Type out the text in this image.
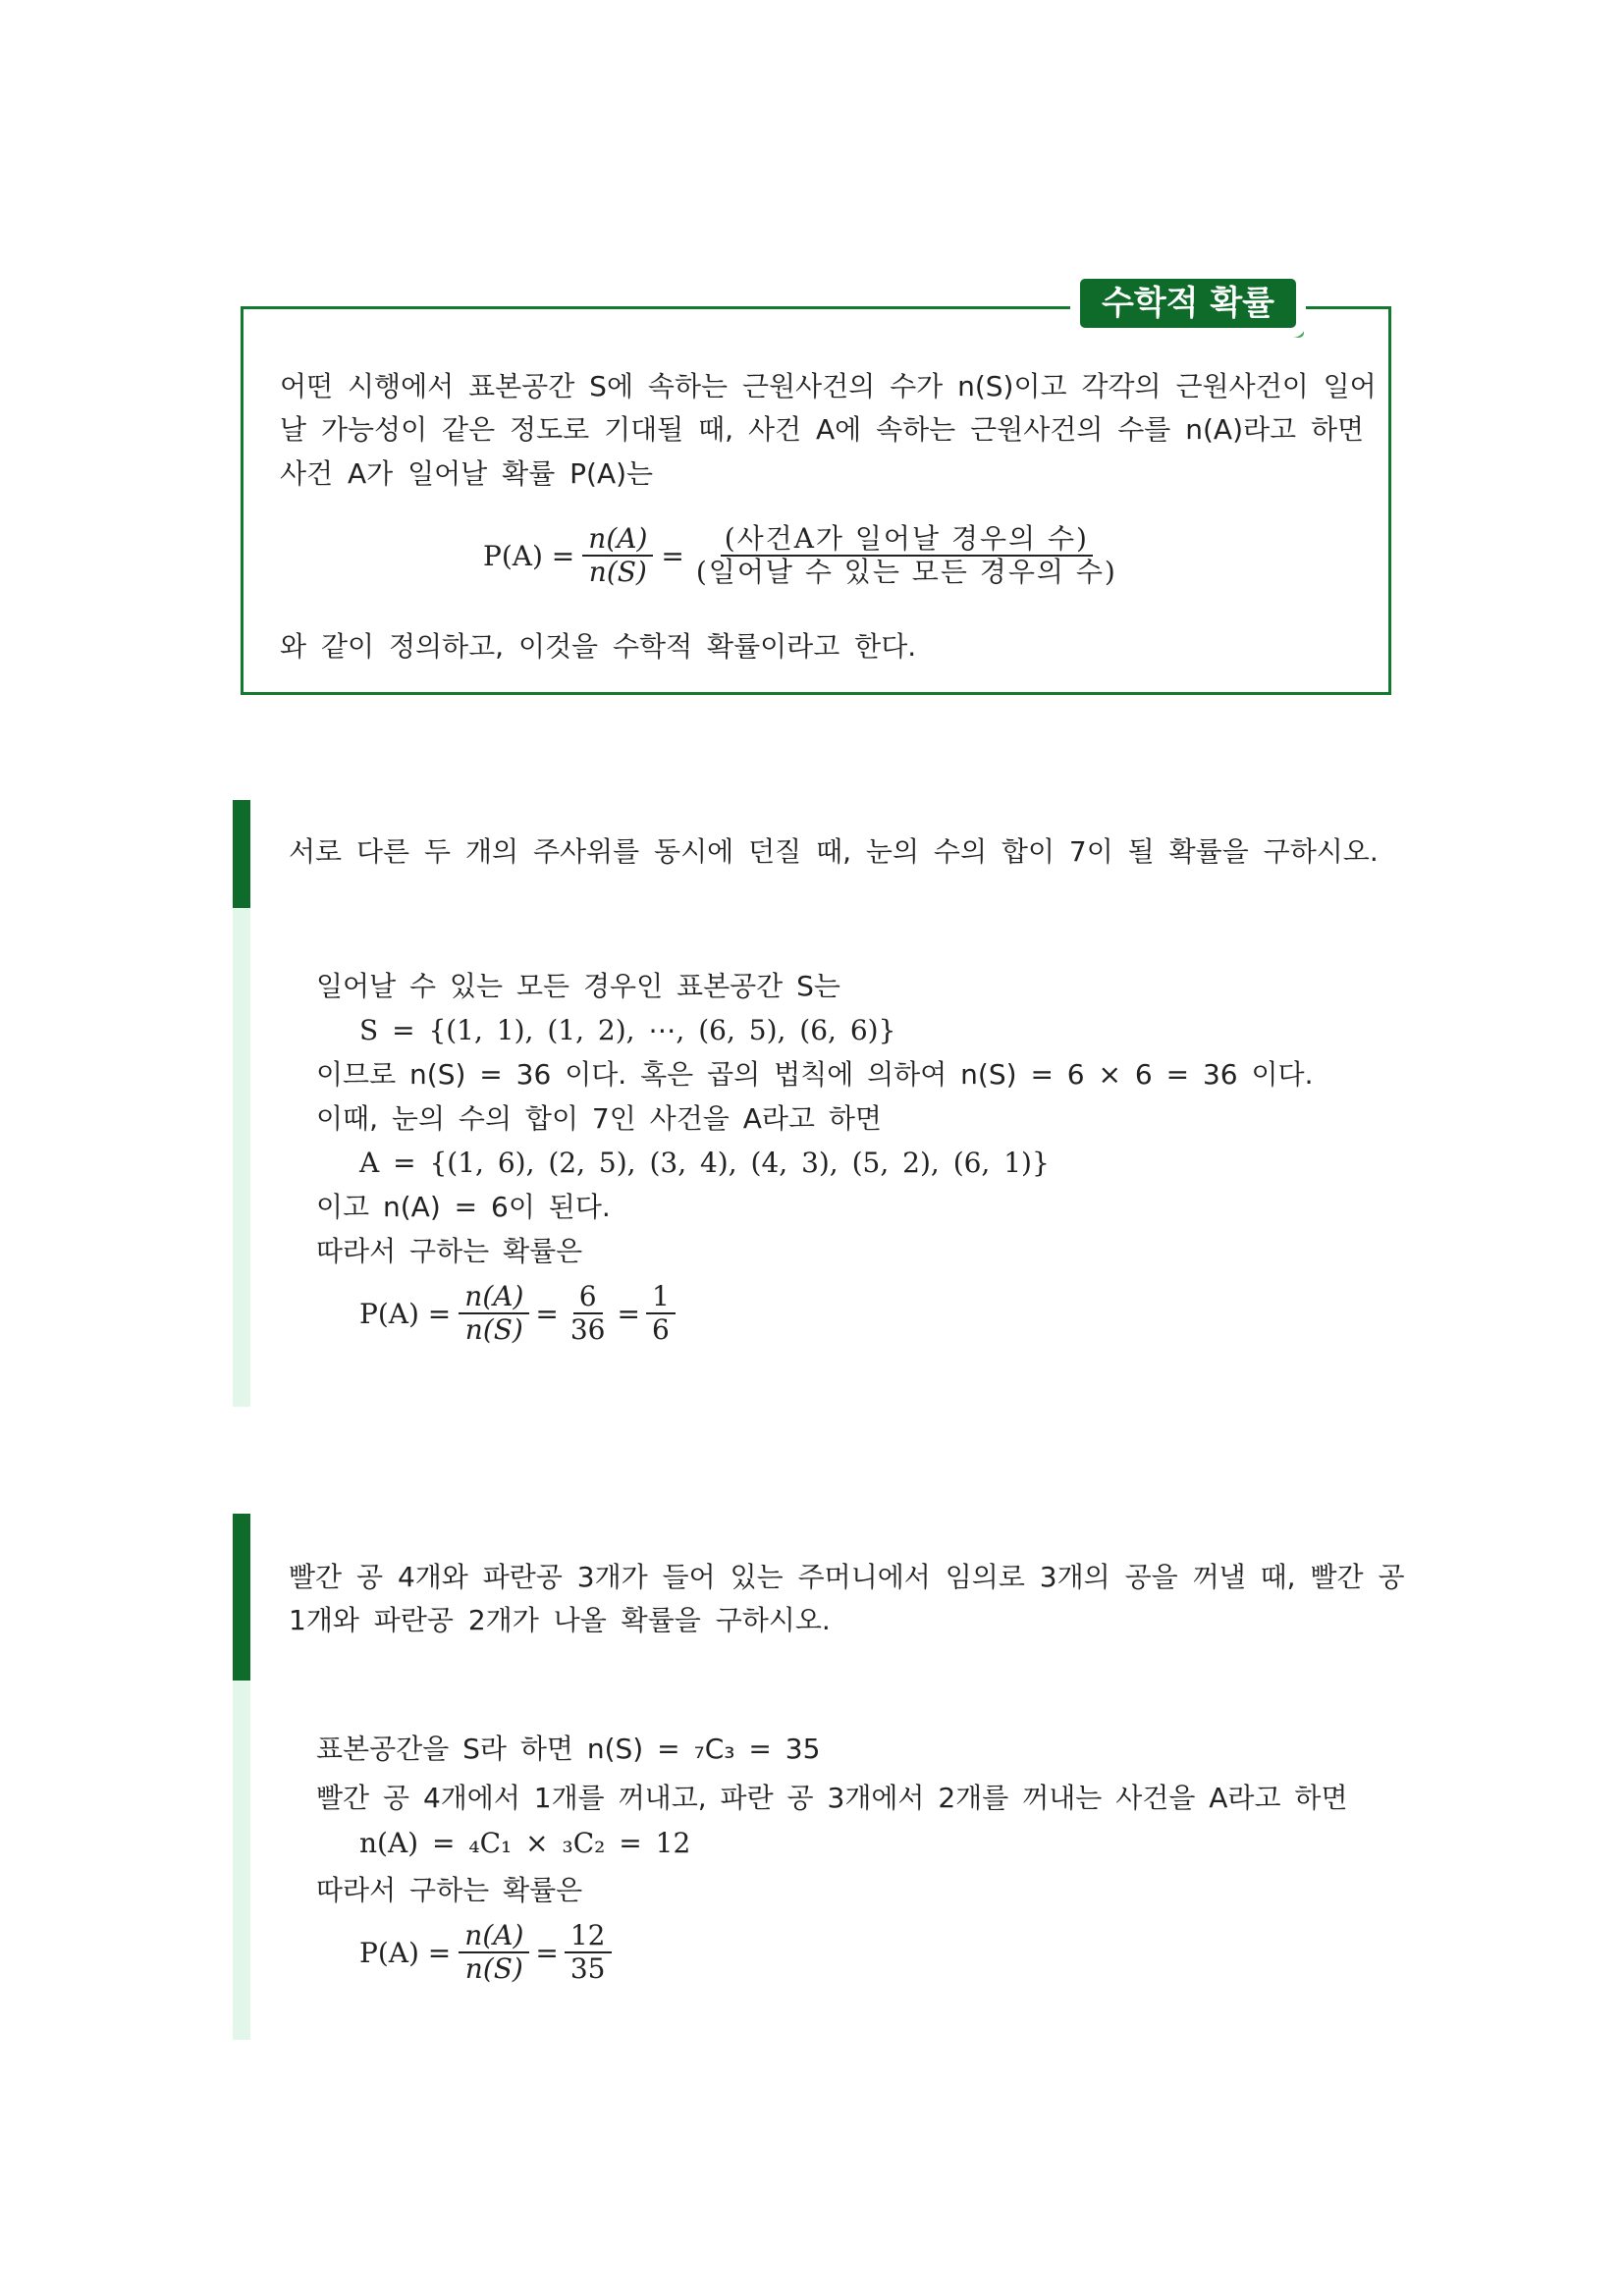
수학적 확률
어떤 시행에서 표본공간 S에 속하는 근원사건의 수가 n(S)이고 각각의 근원사건이 일어
날 가능성이 같은 정도로 기대될 때, 사건 A에 속하는 근원사건의 수를 n(A)라고 하면
사건 A가 일어날 확률 P(A)는
$P(A) = \frac{n(A)}{n(S)} = \frac{\text{(사건A가 일어날 경우의 수)}}{\text{(일어날 수 있는 모든 경우의 수)}}$
와 같이 정의하고, 이것을 수학적 확률이라고 한다.
서로 다른 두 개의 주사위를 동시에 던질 때, 눈의 수의 합이 7이 될 확률을 구하시오.
일어날 수 있는 모든 경우인 표본공간 S는
S = {(1, 1), (1, 2), ⋯, (6, 5), (6, 6)}
이므로 n(S) = 36 이다. 혹은 곱의 법칙에 의하여 n(S) = 6 × 6 = 36 이다.
이때, 눈의 수의 합이 7인 사건을 A라고 하면
A = {(1, 6), (2, 5), (3, 4), (4, 3), (5, 2), (6, 1)}
이고 n(A) = 6이 된다.
따라서 구하는 확률은
$P(A) = \frac{n(A)}{n(S)} = \frac{6}{36} = \frac{1}{6}$
빨간 공 4개와 파란공 3개가 들어 있는 주머니에서 임의로 3개의 공을 꺼낼 때, 빨간 공
1개와 파란공 2개가 나올 확률을 구하시오.
표본공간을 S라 하면 n(S) = ₇C₃ = 35
빨간 공 4개에서 1개를 꺼내고, 파란 공 3개에서 2개를 꺼내는 사건을 A라고 하면
n(A) = ₄C₁ × ₃C₂ = 12
따라서 구하는 확률은
$P(A) = \frac{n(A)}{n(S)} = \frac{12}{35}$
